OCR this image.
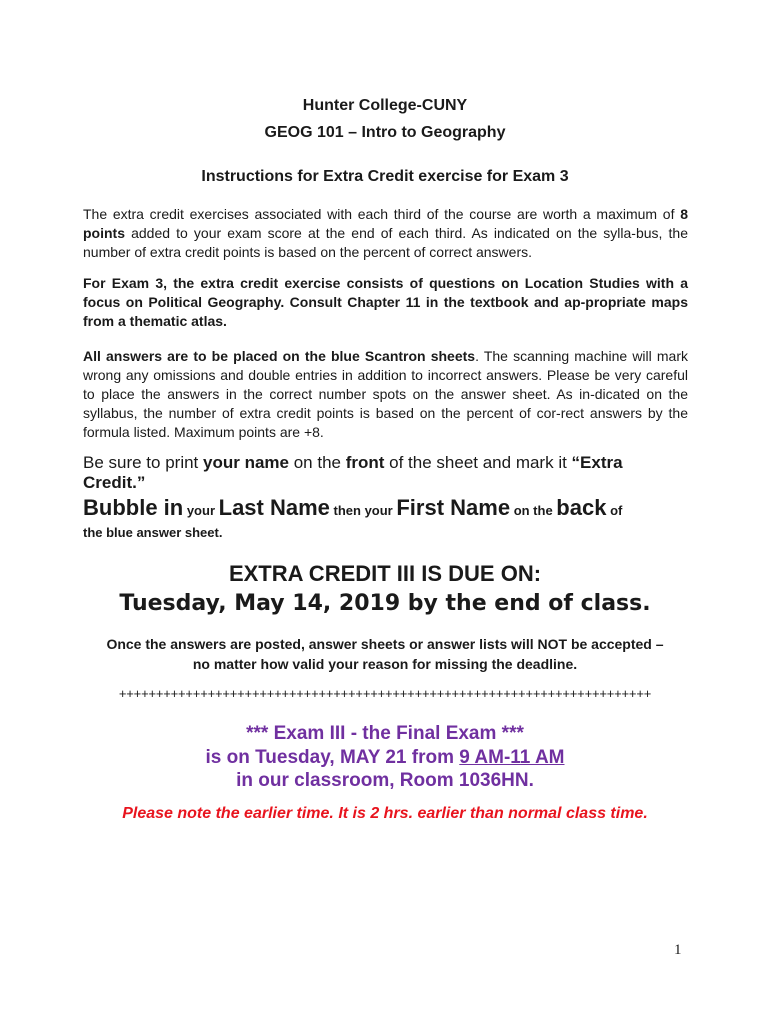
Hunter College-CUNY
GEOG 101 – Intro to Geography
Instructions for Extra Credit exercise for Exam 3
The extra credit exercises associated with each third of the course are worth a maximum of 8 points added to your exam score at the end of each third. As indicated on the sylla-bus, the number of extra credit points is based on the percent of correct answers.
For Exam 3, the extra credit exercise consists of questions on Location Studies with a focus on Political Geography. Consult Chapter 11 in the textbook and ap-propriate maps from a thematic atlas.
All answers are to be placed on the blue Scantron sheets. The scanning machine will mark wrong any omissions and double entries in addition to incorrect answers. Please be very careful to place the answers in the correct number spots on the answer sheet. As in-dicated on the syllabus, the number of extra credit points is based on the percent of cor-rect answers by the formula listed. Maximum points are +8.
Be sure to print your name on the front of the sheet and mark it “Extra Credit.”
Bubble in your Last Name then your First Name on the back of
the blue answer sheet.
EXTRA CREDIT III IS DUE ON:
Tuesday, May 14, 2019 by the end of class.
Once the answers are posted, answer sheets or answer lists will NOT be accepted –
no matter how valid your reason for missing the deadline.
++++++++++++++++++++++++++++++++++++++++++++++++++++++++++++++++++++++++
*** Exam III - the Final Exam ***
is on Tuesday, MAY 21 from 9 AM-11 AM
in our classroom, Room 1036HN.
Please note the earlier time. It is 2 hrs. earlier than normal class time.
1
